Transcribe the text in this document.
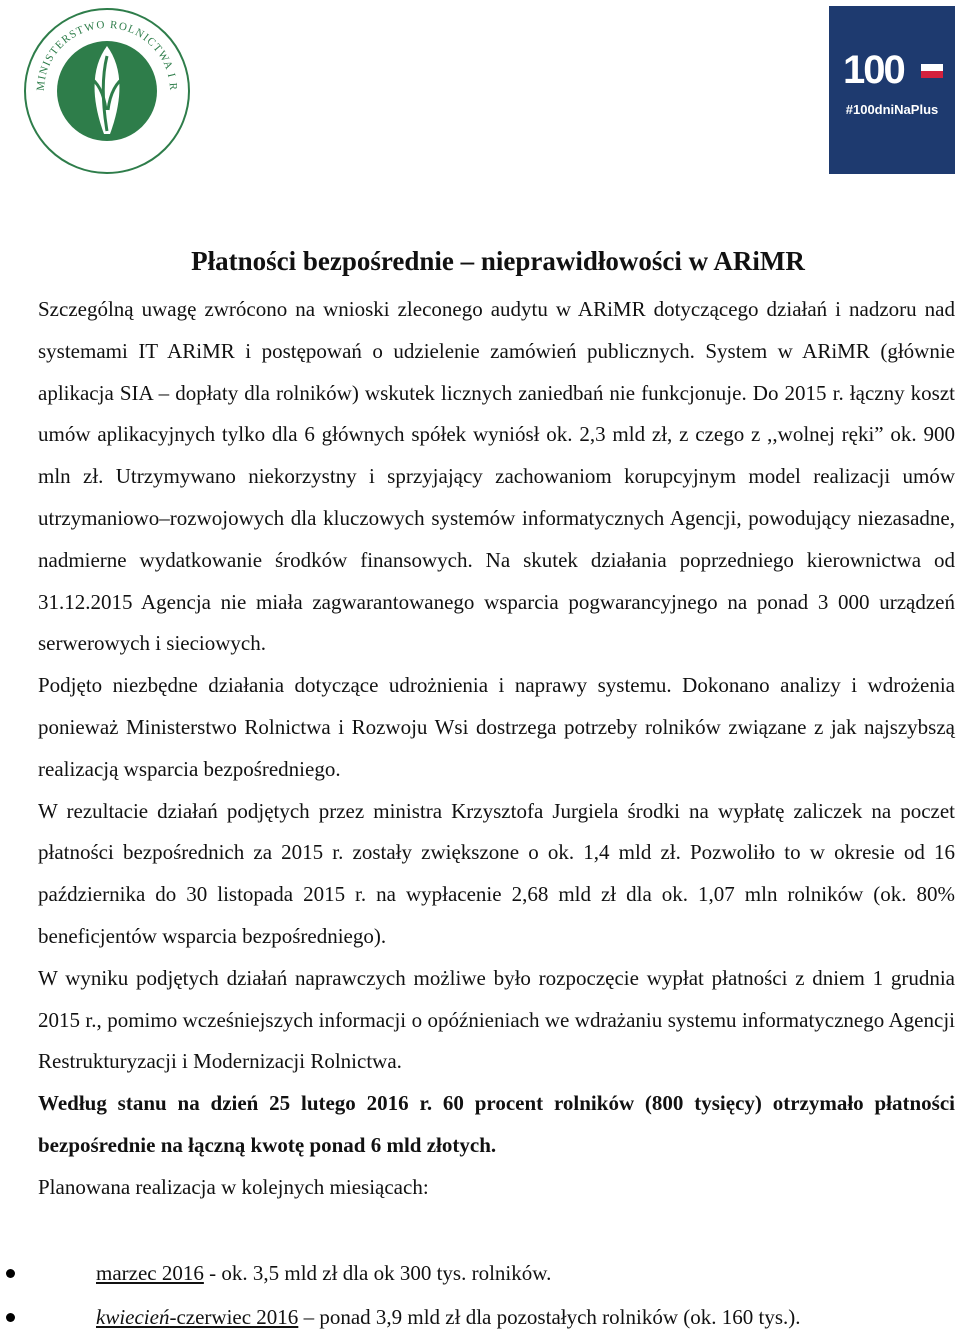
MINISTERSTWO ROLNICTWA I R	100
#100dniNaPlus
Płatności bezpośrednie – nieprawidłowości w ARiMR

Szczególną uwagę zwrócono na wnioski zleconego audytu w ARiMR dotyczącego działań i nadzoru nad systemami IT ARiMR i postępowań o udzielenie zamówień publicznych. System w ARiMR (głównie aplikacja SIA – dopłaty dla rolników) wskutek licznych zaniedbań nie funkcjonuje. Do 2015 r. łączny koszt umów aplikacyjnych tylko dla 6 głównych spółek wyniósł ok. 2,3 mld zł, z czego z ,,wolnej ręki” ok. 900 mln zł. Utrzymywano niekorzystny i sprzyjający zachowaniom korupcyjnym model realizacji umów utrzymaniowo–rozwojowych dla kluczowych systemów informatycznych Agencji, powodujący niezasadne, nadmierne wydatkowanie środków finansowych. Na skutek działania poprzedniego kierownictwa od 31.12.2015 Agencja nie miała zagwarantowanego wsparcia pogwarancyjnego na ponad 3 000 urządzeń serwerowych i sieciowych.

Podjęto niezbędne działania dotyczące udrożnienia i naprawy systemu. Dokonano analizy i wdrożenia ponieważ Ministerstwo Rolnictwa i Rozwoju Wsi dostrzega potrzeby rolników związane z jak najszybszą realizacją wsparcia bezpośredniego.

W rezultacie działań podjętych przez ministra Krzysztofa Jurgiela środki na wypłatę zaliczek na poczet płatności bezpośrednich za 2015 r. zostały zwiększone o ok. 1,4 mld zł. Pozwoliło to w okresie od 16 października do 30 listopada 2015 r. na wypłacenie 2,68 mld zł dla ok. 1,07 mln rolników (ok. 80% beneficjentów wsparcia bezpośredniego).

W wyniku podjętych działań naprawczych możliwe było rozpoczęcie wypłat płatności z dniem 1 grudnia 2015 r., pomimo wcześniejszych informacji o opóźnieniach we wdrażaniu systemu informatycznego Agencji Restrukturyzacji i Modernizacji Rolnictwa.

Według stanu na dzień 25 lutego 2016 r. 60 procent rolników (800 tysięcy) otrzymało płatności bezpośrednie na łączną kwotę ponad 6 mld złotych.

Planowana realizacja w kolejnych miesiącach:

marzec 2016 - ok. 3,5 mld zł dla ok 300 tys. rolników.
kwiecień-czerwiec 2016 – ponad 3,9 mld zł dla pozostałych rolników (ok. 160 tys.).
